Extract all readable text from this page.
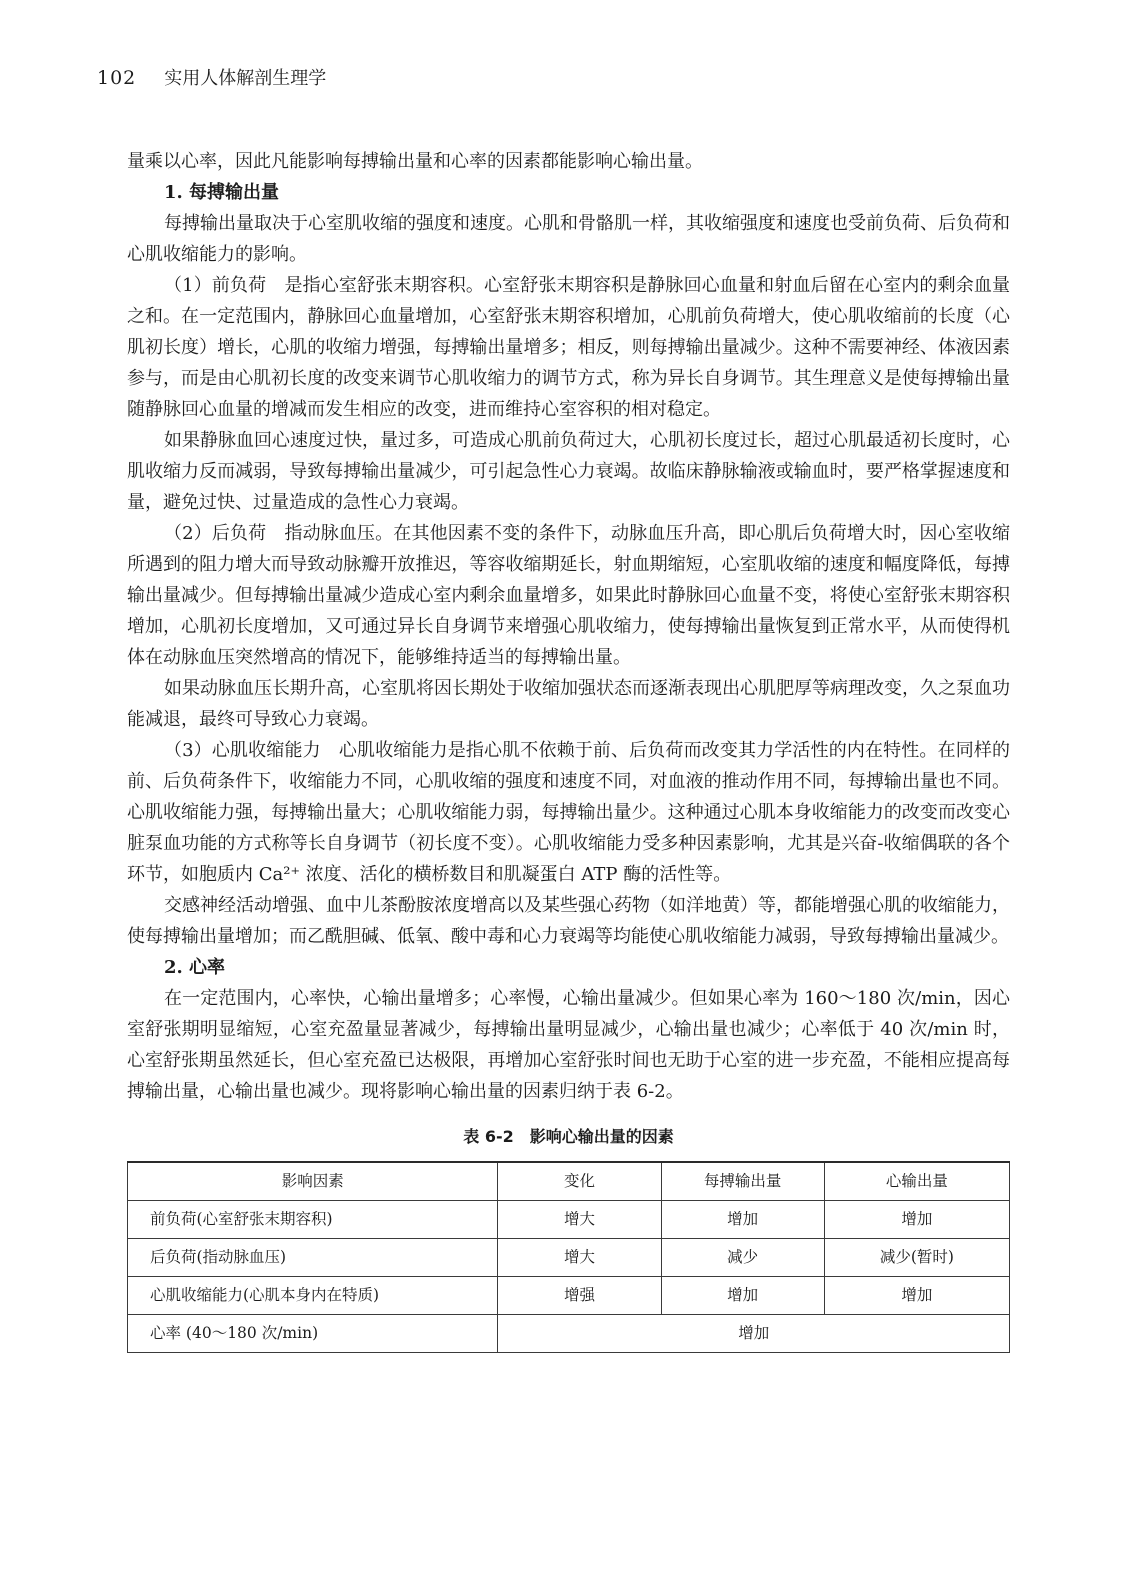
102 实用人体解剖生理学

量乘以心率，因此凡能影响每搏输出量和心率的因素都能影响心输出量。

1. 每搏输出量

每搏输出量取决于心室肌收缩的强度和速度。心肌和骨骼肌一样，其收缩强度和速度也受前负荷、后负荷和心肌收缩能力的影响。

（1）前负荷　是指心室舒张末期容积。心室舒张末期容积是静脉回心血量和射血后留在心室内的剩余血量之和。在一定范围内，静脉回心血量增加，心室舒张末期容积增加，心肌前负荷增大，使心肌收缩前的长度（心肌初长度）增长，心肌的收缩力增强，每搏输出量增多；相反，则每搏输出量减少。这种不需要神经、体液因素参与，而是由心肌初长度的改变来调节心肌收缩力的调节方式，称为异长自身调节。其生理意义是使每搏输出量随静脉回心血量的增减而发生相应的改变，进而维持心室容积的相对稳定。

如果静脉血回心速度过快，量过多，可造成心肌前负荷过大，心肌初长度过长，超过心肌最适初长度时，心肌收缩力反而减弱，导致每搏输出量减少，可引起急性心力衰竭。故临床静脉输液或输血时，要严格掌握速度和量，避免过快、过量造成的急性心力衰竭。

（2）后负荷　指动脉血压。在其他因素不变的条件下，动脉血压升高，即心肌后负荷增大时，因心室收缩所遇到的阻力增大而导致动脉瓣开放推迟，等容收缩期延长，射血期缩短，心室肌收缩的速度和幅度降低，每搏输出量减少。但每搏输出量减少造成心室内剩余血量增多，如果此时静脉回心血量不变，将使心室舒张末期容积增加，心肌初长度增加，又可通过异长自身调节来增强心肌收缩力，使每搏输出量恢复到正常水平，从而使得机体在动脉血压突然增高的情况下，能够维持适当的每搏输出量。

如果动脉血压长期升高，心室肌将因长期处于收缩加强状态而逐渐表现出心肌肥厚等病理改变，久之泵血功能减退，最终可导致心力衰竭。

（3）心肌收缩能力　心肌收缩能力是指心肌不依赖于前、后负荷而改变其力学活性的内在特性。在同样的前、后负荷条件下，收缩能力不同，心肌收缩的强度和速度不同，对血液的推动作用不同，每搏输出量也不同。心肌收缩能力强，每搏输出量大；心肌收缩能力弱，每搏输出量少。这种通过心肌本身收缩能力的改变而改变心脏泵血功能的方式称等长自身调节（初长度不变）。心肌收缩能力受多种因素影响，尤其是兴奋-收缩偶联的各个环节，如胞质内 Ca²⁺ 浓度、活化的横桥数目和肌凝蛋白 ATP 酶的活性等。

交感神经活动增强、血中儿茶酚胺浓度增高以及某些强心药物（如洋地黄）等，都能增强心肌的收缩能力，使每搏输出量增加；而乙酰胆碱、低氧、酸中毒和心力衰竭等均能使心肌收缩能力减弱，导致每搏输出量减少。

2. 心率

在一定范围内，心率快，心输出量增多；心率慢，心输出量减少。但如果心率为 160～180 次/min，因心室舒张期明显缩短，心室充盈量显著减少，每搏输出量明显减少，心输出量也减少；心率低于 40 次/min 时，心室舒张期虽然延长，但心室充盈已达极限，再增加心室舒张时间也无助于心室的进一步充盈，不能相应提高每搏输出量，心输出量也减少。现将影响心输出量的因素归纳于表 6-2。

表 6-2　影响心输出量的因素
影响因素	变化	每搏输出量	心输出量
前负荷(心室舒张末期容积)	增大	增加	增加
后负荷(指动脉血压)	增大	减少	减少(暂时)
心肌收缩能力(心肌本身内在特质)	增强	增加	增加
心率 (40～180 次/min)	增加		
